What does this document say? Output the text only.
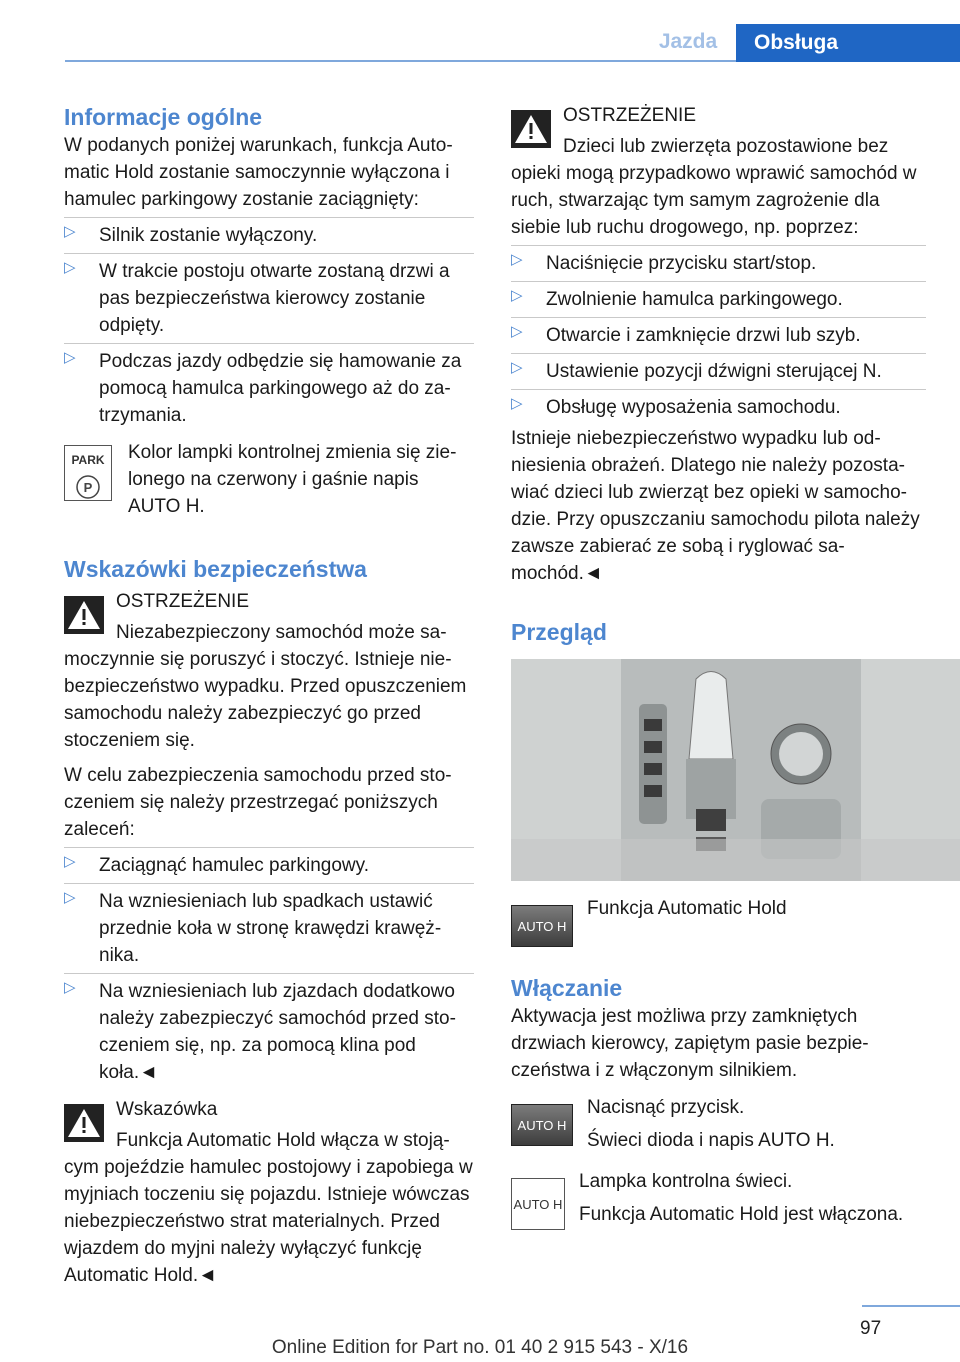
Jazda	Obsługa
Informacje ogólne

W podanych poniżej warunkach, funkcja Automatic Hold zostanie samoczynnie wyłączona i hamulec parkingowy zostanie zaciągnięty:

▷ Silnik zostanie wyłączony.
▷ W trakcie postoju otwarte zostaną drzwi a pas bezpieczeństwa kierowcy zostanie odpięty.
▷ Podczas jazdy odbędzie się hamowanie za pomocą hamulca parkingowego aż do zatrzymania.
PARK
P

Kolor lampki kontrolnej zmienia się zielonego na czerwony i gaśnie napis AUTO H.

Wskazówki bezpieczeństwa

OSTRZEŻENIE

Niezabezpieczony samochód może samoczynnie się poruszyć i stoczyć. Istnieje niebezpieczeństwo wypadku. Przed opuszczeniem samochodu należy zabezpieczyć go przed stoczeniem się.

W celu zabezpieczenia samochodu przed stoczeniem się należy przestrzegać poniższych zaleceń:

▷ Zaciągnąć hamulec parkingowy.
▷ Na wzniesieniach lub spadkach ustawić przednie koła w stronę krawędzi krawężnika.
▷ Na wzniesieniach lub zjazdach dodatkowo należy zabezpieczyć samochód przed stoczeniem się, np. za pomocą klina pod koła.◄

Wskazówka

Funkcja Automatic Hold włącza w stojącym pojeździe hamulec postojowy i zapobiega w myjniach toczeniu się pojazdu. Istnieje wówczas niebezpieczeństwo strat materialnych. Przed wjazdem do myjni należy wyłączyć funkcję Automatic Hold.◄

OSTRZEŻENIE

Dzieci lub zwierzęta pozostawione bez opieki mogą przypadkowo wprawić samochód w ruch, stwarzając tym samym zagrożenie dla siebie lub ruchu drogowego, np. poprzez:

▷ Naciśnięcie przycisku start/stop.
▷ Zwolnienie hamulca parkingowego.
▷ Otwarcie i zamknięcie drzwi lub szyb.
▷ Ustawienie pozycji dźwigni sterującej N.
▷ Obsługę wyposażenia samochodu.

Istnieje niebezpieczeństwo wypadku lub odniesienia obrażeń. Dlatego nie należy pozostawiać dzieci lub zwierząt bez opieki w samochodzie. Przy opuszczaniu samochodu pilota należy zawsze zabierać ze sobą i ryglować samochód.◄

Przegląd
AUTO H

Funkcja Automatic Hold

Włączanie

Aktywacja jest możliwa przy zamkniętych drzwiach kierowcy, zapiętym pasie bezpieczeństwa i z włączonym silnikiem.

AUTO H

Nacisnąć przycisk.

Świeci dioda i napis AUTO H.

AUTO H

Lampka kontrolna świeci.

Funkcja Automatic Hold jest włączona.

97
Online Edition for Part no. 01 40 2 915 543 - X/16
